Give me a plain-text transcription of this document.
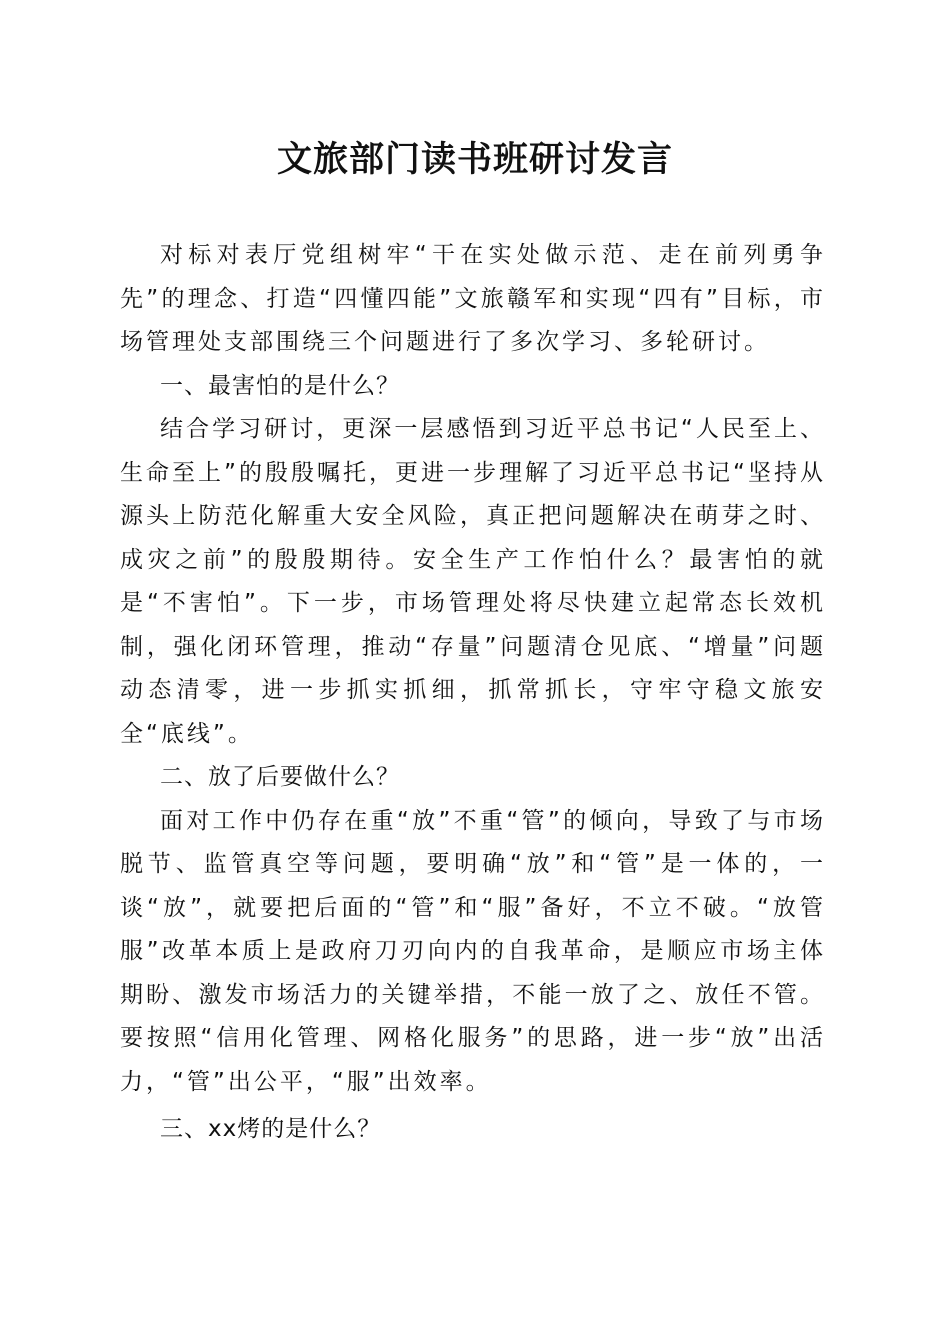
文旅部门读书班研讨发言

对标对表厅党组树牢“干在实处做示范、走在前列勇争先”的理念、打造“四懂四能”文旅赣军和实现“四有”目标，市场管理处支部围绕三个问题进行了多次学习、多轮研讨。

一、最害怕的是什么？

结合学习研讨，更深一层感悟到习近平总书记“人民至上、生命至上”的殷殷嘱托，更进一步理解了习近平总书记“坚持从源头上防范化解重大安全风险，真正把问题解决在萌芽之时、成灾之前”的殷殷期待。安全生产工作怕什么？最害怕的就是“不害怕”。下一步，市场管理处将尽快建立起常态长效机制，强化闭环管理，推动“存量”问题清仓见底、“增量”问题动态清零，进一步抓实抓细，抓常抓长，守牢守稳文旅安全“底线”。

二、放了后要做什么？

面对工作中仍存在重“放”不重“管”的倾向，导致了与市场脱节、监管真空等问题，要明确“放”和“管”是一体的，一谈“放”，就要把后面的“管”和“服”备好，不立不破。“放管服”改革本质上是政府刀刃向内的自我革命，是顺应市场主体期盼、激发市场活力的关键举措，不能一放了之、放任不管。要按照“信用化管理、网格化服务”的思路，进一步“放”出活力，“管”出公平，“服”出效率。

三、xx烤的是什么？
